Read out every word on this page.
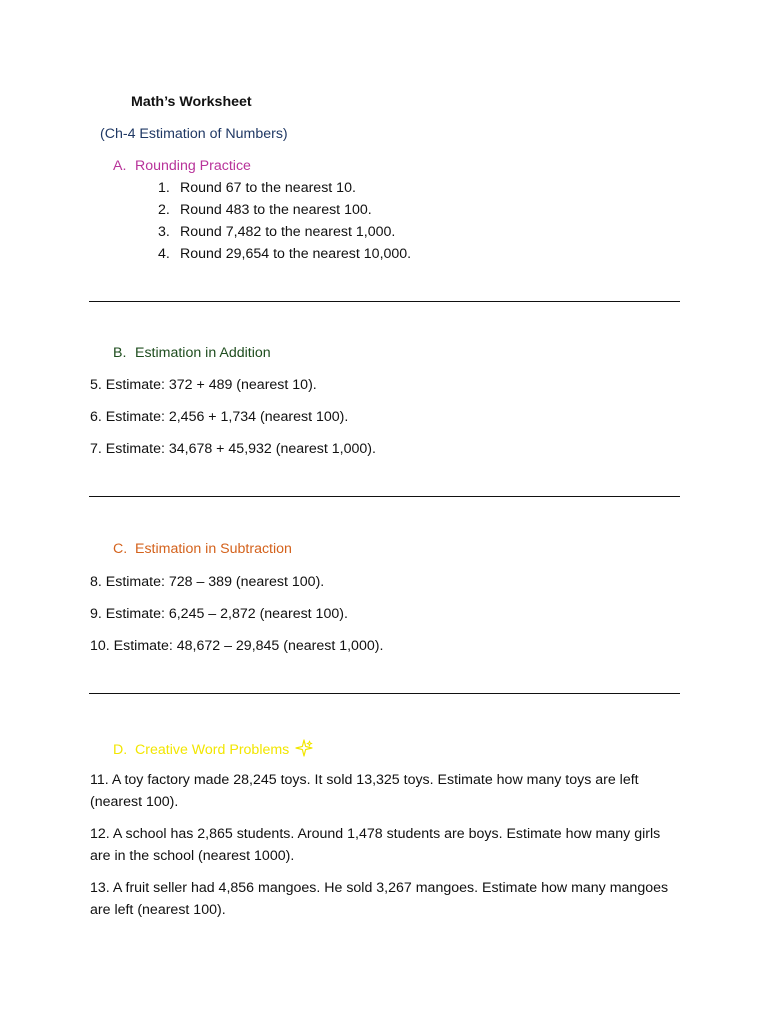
Math’s Worksheet
(Ch-4 Estimation of Numbers)
A. Rounding Practice
1. Round 67 to the nearest 10.
2. Round 483 to the nearest 100.
3. Round 7,482 to the nearest 1,000.
4. Round 29,654 to the nearest 10,000.
B. Estimation in Addition
5. Estimate: 372 + 489 (nearest 10).
6. Estimate: 2,456 + 1,734 (nearest 100).
7. Estimate: 34,678 + 45,932 (nearest 1,000).
C. Estimation in Subtraction
8. Estimate: 728 – 389 (nearest 100).
9. Estimate: 6,245 – 2,872 (nearest 100).
10. Estimate: 48,672 – 29,845 (nearest 1,000).
D. Creative Word Problems
11. A toy factory made 28,245 toys. It sold 13,325 toys. Estimate how many toys are left (nearest 100).
12. A school has 2,865 students. Around 1,478 students are boys. Estimate how many girls are in the school (nearest 1000).
13. A fruit seller had 4,856 mangoes. He sold 3,267 mangoes. Estimate how many mangoes are left (nearest 100).
